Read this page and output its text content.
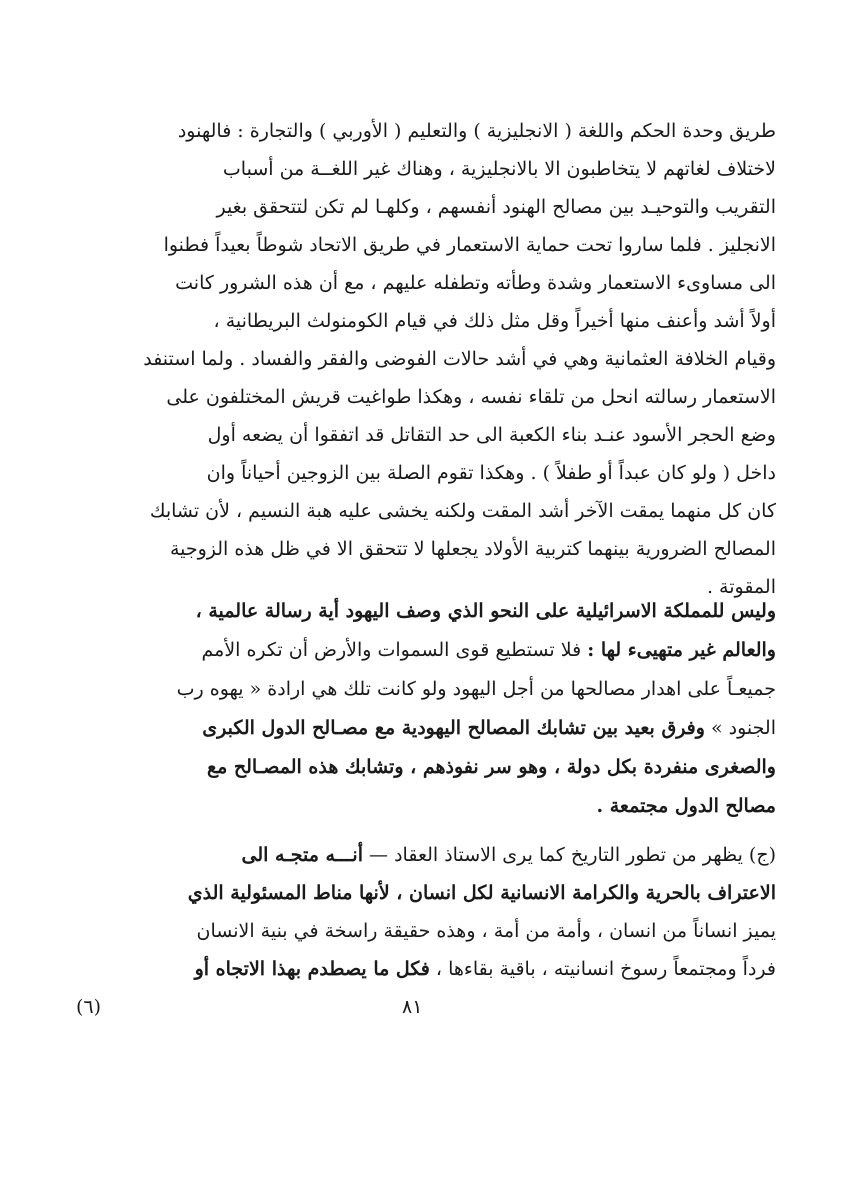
طريق وحدة الحكم واللغة ( الانجليزية ) والتعليم ( الأوربي ) والتجارة : فالهنود
لاختلاف لغاتهم لا يتخاطبون الا بالانجليزية ، وهناك غير اللغــة من أسباب
التقريب والتوحيـد بين مصالح الهنود أنفسهم ، وكلهـا لم تكن لتتحقق بغير
الانجليز . فلما ساروا تحت حماية الاستعمار في طريق الاتحاد شوطاً بعيداً فطنوا
الى مساوىء الاستعمار وشدة وطأته وتطفله عليهم ، مع أن هذه الشرور كانت
أولاً أشد وأعنف منها أخيراً وقل مثل ذلك في قيام الكومنولث البريطانية ،
وقيام الخلافة العثمانية وهي في أشد حالات الفوضى والفقر والفساد . ولما استنفد
الاستعمار رسالته انحل من تلقاء نفسه ، وهكذا طواغيت قريش المختلفون على
وضع الحجر الأسود عنـد بناء الكعبة الى حد التقاتل قد اتفقوا أن يضعه أول
داخل ( ولو كان عبداً أو طفلاً ) . وهكذا تقوم الصلة بين الزوجين أحياناً وان
كان كل منهما يمقت الآخر أشد المقت ولكنه يخشى عليه هبة النسيم ، لأن تشابك
المصالح الضرورية بينهما كتربية الأولاد يجعلها لا تتحقق الا في ظل هذه الزوجية
المقوتة .
وليس للمملكة الاسرائيلية على النحو الذي وصف اليهود أية رسالة عالمية ،
والعالم غير متهيىء لها : فلا تستطيع قوى السموات والأرض أن تكره الأمم
جميعـاً على اهدار مصالحها من أجل اليهود ولو كانت تلك هي ارادة « يهوه رب
الجنود » وفرق بعيد بين تشابك المصالح اليهودية مع مصـالح الدول الكبرى
والصغرى منفردة بكل دولة ، وهو سر نفوذهم ، وتشابك هذه المصـالح مع
مصالح الدول مجتمعة .
(ج) يظهر من تطور التاريخ كما يرى الاستاذ العقاد — أنـــه متجـه الى
الاعتراف بالحرية والكرامة الانسانية لكل انسان ، لأنها مناط المسئولية الذي
يميز انساناً من انسان ، وأمة من أمة ، وهذه حقيقة راسخة في بنية الانسان
فرداً ومجتمعاً رسوخ انسانيته ، باقية بقاءها ، فكل ما يصطدم بهذا الاتجاه أو
٨١
(٦)
